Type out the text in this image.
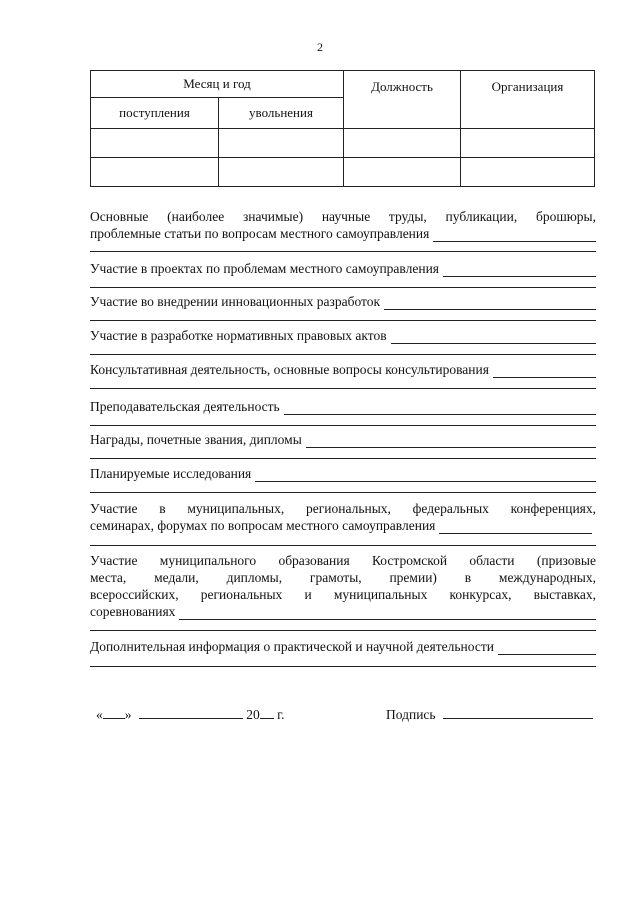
2
Месяц и год		Должность	Организация
поступления	увольнения		

Основные (наиболее значимые) научные труды, публикации, брошюры,
проблемные статьи по вопросам местного самоуправления
Участие в проектах по проблемам местного самоуправления
Участие во внедрении инновационных разработок
Участие в разработке нормативных правовых актов
Консультативная деятельность, основные вопросы консультирования
Преподавательская деятельность
Награды, почетные звания, дипломы
Планируемые исследования
Участие в муниципальных, региональных, федеральных конференциях,
семинарах, форумах по вопросам местного самоуправления
Участие муниципального образования Костромской области (призовые
места, медали, дипломы, грамоты, премии) в международных,
всероссийских, региональных и муниципальных конкурсах, выставках,
соревнованиях
Дополнительная информация о практической и научной деятельности
« »	20 г.	Подпись
